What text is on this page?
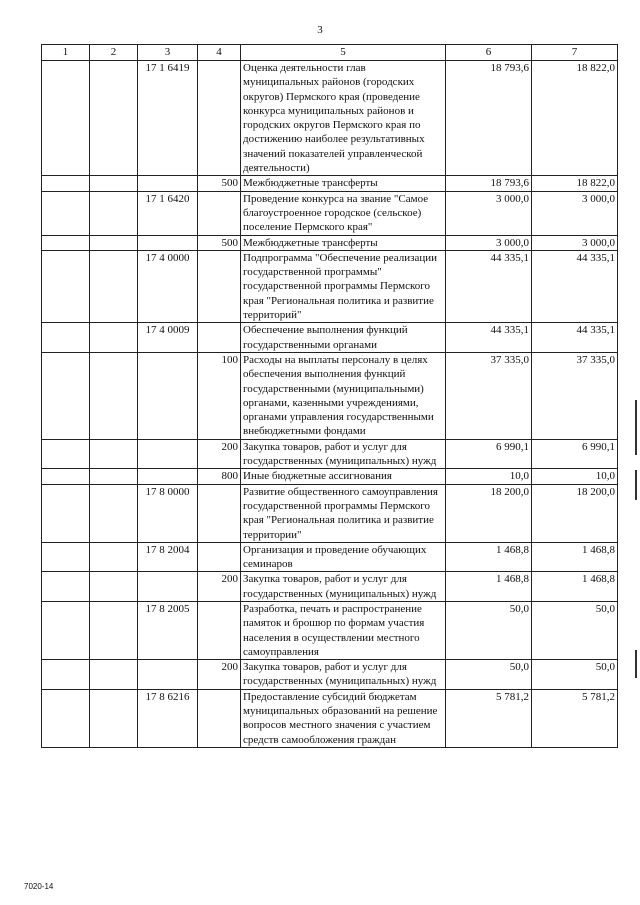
3
1	2	3	4	5	6	7
		17 1 6419		Оценка деятельности глав муниципальных районов (городских округов) Пермского края (проведение конкурса муниципальных районов и городских округов Пермского края по достижению наиболее результативных значений показателей управленческой деятельности)	18 793,6	18 822,0
			500	Межбюджетные трансферты	18 793,6	18 822,0
		17 1 6420		Проведение конкурса на звание "Самое благоустроенное городское (сельское) поселение Пермского края"	3 000,0	3 000,0
			500	Межбюджетные трансферты	3 000,0	3 000,0
		17 4 0000		Подпрограмма "Обеспечение реализации государственной программы" государственной программы Пермского края "Региональная политика и развитие территорий"	44 335,1	44 335,1
		17 4 0009		Обеспечение выполнения функций государственными органами	44 335,1	44 335,1
			100	Расходы на выплаты персоналу в целях обеспечения выполнения функций государственными (муниципальными) органами, казенными учреждениями, органами управления государственными внебюджетными фондами	37 335,0	37 335,0
			200	Закупка товаров, работ и услуг для государственных (муниципальных) нужд	6 990,1	6 990,1
			800	Иные бюджетные ассигнования	10,0	10,0
		17 8 0000		Развитие общественного самоуправления государственной программы Пермского края "Региональная политика и развитие территории"	18 200,0	18 200,0
		17 8 2004		Организация и проведение обучающих семинаров	1 468,8	1 468,8
			200	Закупка товаров, работ и услуг для государственных (муниципальных) нужд	1 468,8	1 468,8
		17 8 2005		Разработка, печать и распространение памяток и брошюр по формам участия населения в осуществлении местного самоуправления	50,0	50,0
			200	Закупка товаров, работ и услуг для государственных (муниципальных) нужд	50,0	50,0
		17 8 6216		Предоставление субсидий бюджетам муниципальных образований на решение вопросов местного значения с участием средств самообложения граждан	5 781,2	5 781,2
7020-14
